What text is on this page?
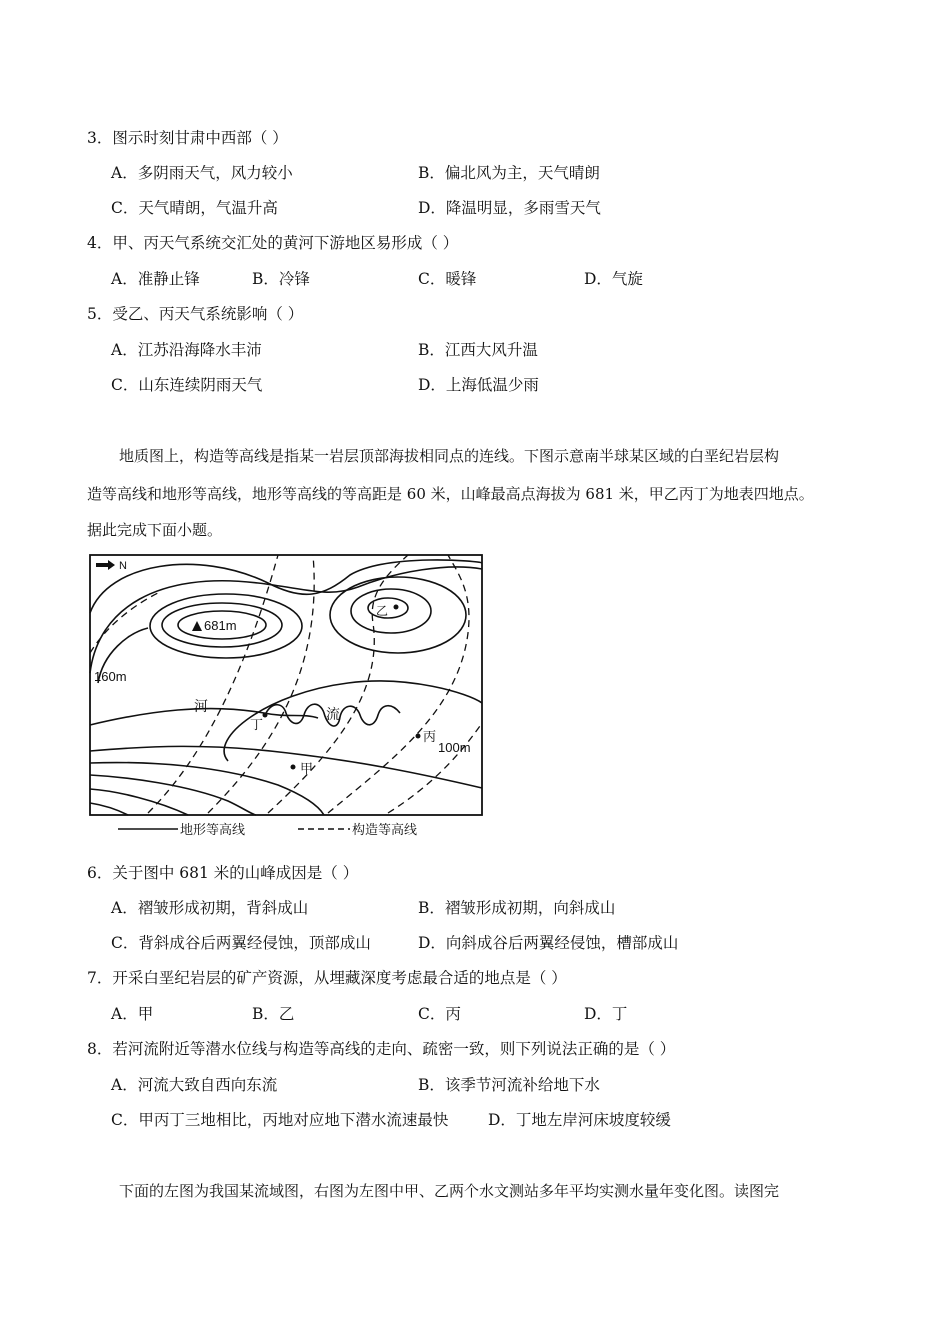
3．图示时刻甘肃中西部（ ）
A．多阴雨天气，风力较小	B．偏北风为主，天气晴朗
C．天气晴朗，气温升高	D．降温明显，多雨雪天气
4．甲、丙天气系统交汇处的黄河下游地区易形成（ ）
A．准静止锋	B．冷锋	C．暖锋	D．气旋
5．受乙、丙天气系统影响（ ）
A．江苏沿海降水丰沛	B．江西大风升温
C．山东连续阴雨天气	D．上海低温少雨
地质图上，构造等高线是指某一岩层顶部海拔相同点的连线。下图示意南半球某区域的白垩纪岩层构
造等高线和地形等高线，地形等高线的等高距是 60 米，山峰最高点海拔为 681 米，甲乙丙丁为地表四地点。
据此完成下面小题。
N
681m
乙
160m
河	流
丁
丙
100m
甲
地形等高线	构造等高线
6．关于图中 681 米的山峰成因是（ ）
A．褶皱形成初期，背斜成山	B．褶皱形成初期，向斜成山
C．背斜成谷后两翼经侵蚀，顶部成山	D．向斜成谷后两翼经侵蚀，槽部成山
7．开采白垩纪岩层的矿产资源，从埋藏深度考虑最合适的地点是（ ）
A．甲	B．乙	C．丙	D．丁
8．若河流附近等潜水位线与构造等高线的走向、疏密一致，则下列说法正确的是（ ）
A．河流大致自西向东流	B．该季节河流补给地下水
C．甲丙丁三地相比，丙地对应地下潜水流速最快	D．丁地左岸河床坡度较缓
下面的左图为我国某流域图，右图为左图中甲、乙两个水文测站多年平均实测水量年变化图。读图完
